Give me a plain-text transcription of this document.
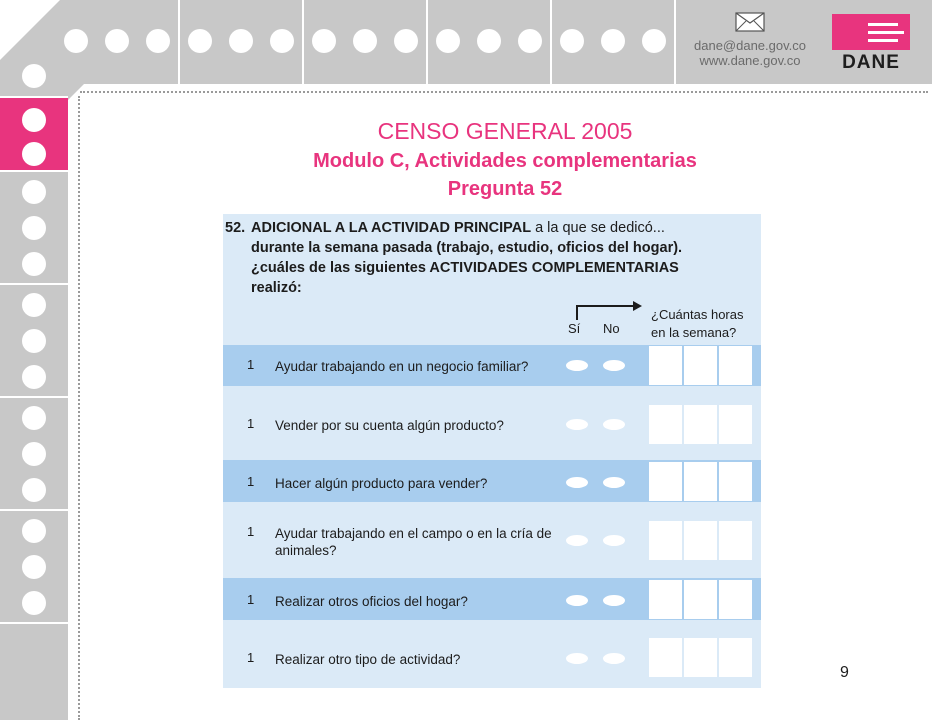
dane@dane.gov.co
www.dane.gov.co	DANE
CENSO GENERAL 2005
Modulo C, Actividades complementarias
Pregunta 52
52. ADICIONAL A LA ACTIVIDAD PRINCIPAL a la que se dedicó...
durante la semana pasada (trabajo, estudio, oficios del hogar).
¿cuáles de las siguientes ACTIVIDADES COMPLEMENTARIAS
realizó:
Sí No
¿Cuántas horas
en la semana?
1 Ayudar trabajando en un negocio familiar?
1 Vender por su cuenta algún producto?
1 Hacer algún producto para vender?
1 Ayudar trabajando en el campo o en la cría de animales?
1 Realizar otros oficios del hogar?
1 Realizar otro tipo de actividad?
9
